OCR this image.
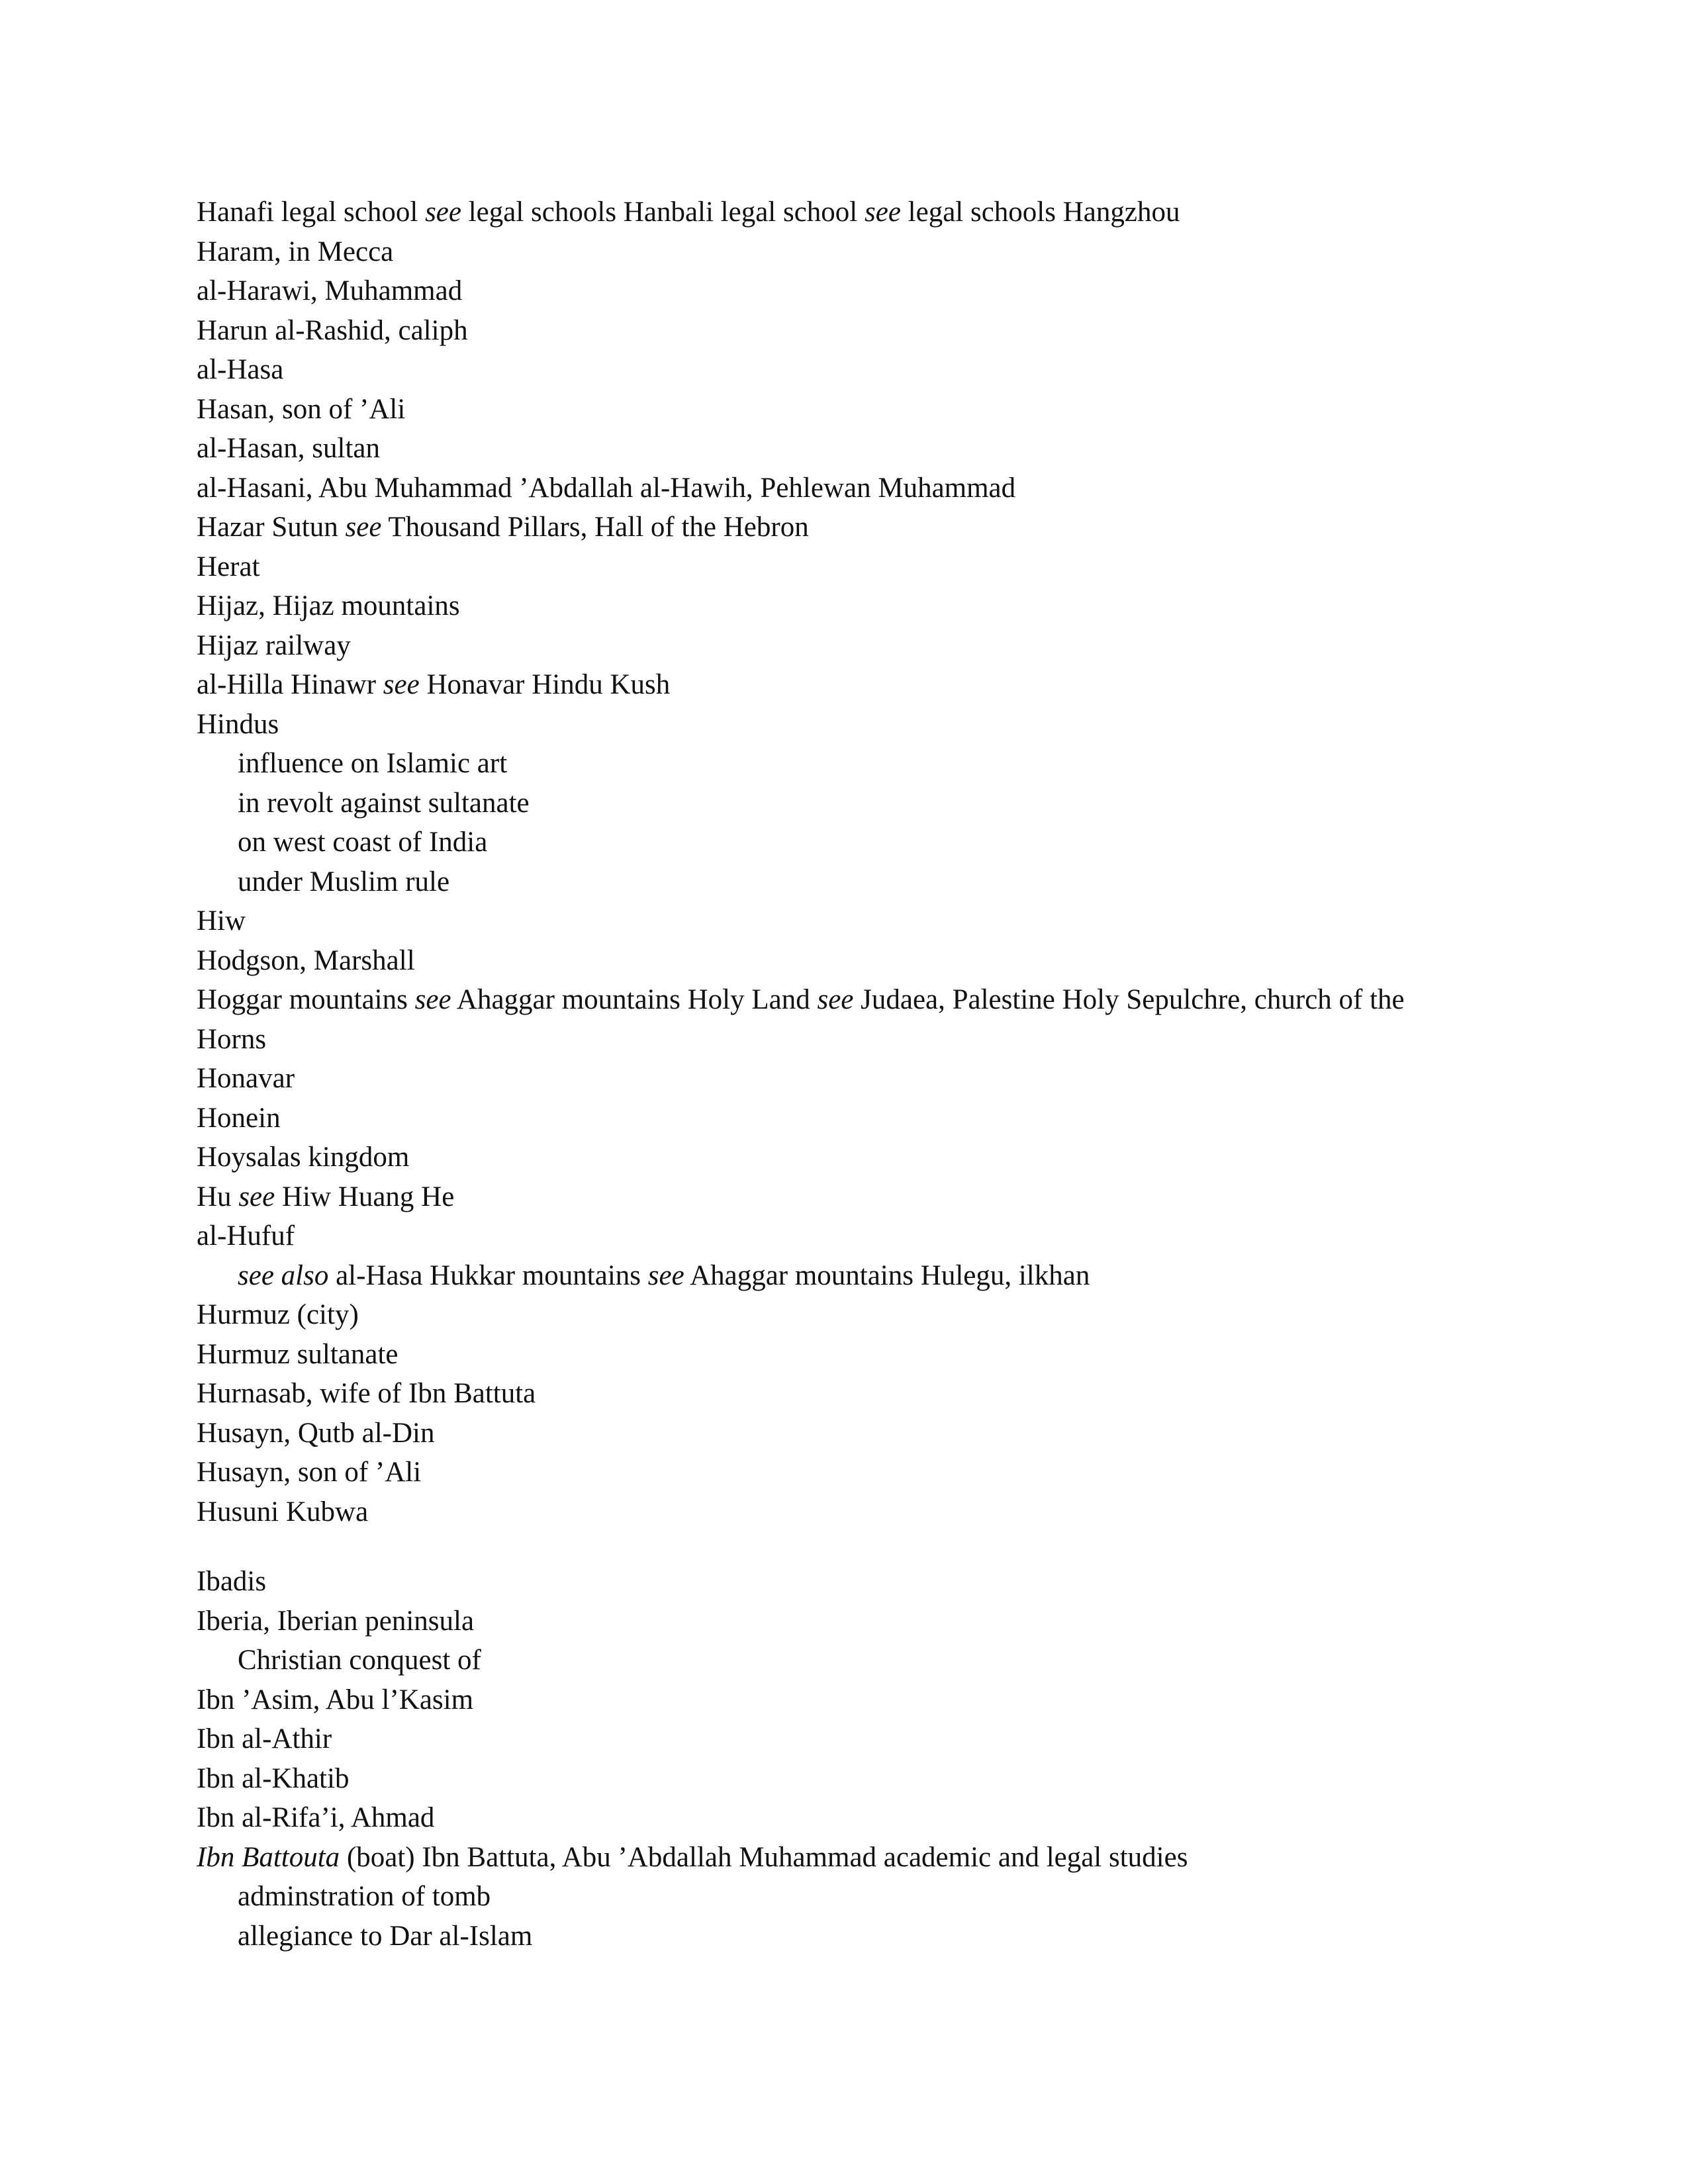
Hanafi legal school see legal schools Hanbali legal school see legal schools Hangzhou
Haram, in Mecca
al-Harawi, Muhammad
Harun al-Rashid, caliph
al-Hasa
Hasan, son of ’Ali
al-Hasan, sultan
al-Hasani, Abu Muhammad ’Abdallah al-Hawih, Pehlewan Muhammad
Hazar Sutun see Thousand Pillars, Hall of the Hebron
Herat
Hijaz, Hijaz mountains
Hijaz railway
al-Hilla Hinawr see Honavar Hindu Kush
Hindus
influence on Islamic art
in revolt against sultanate
on west coast of India
under Muslim rule
Hiw
Hodgson, Marshall
Hoggar mountains see Ahaggar mountains Holy Land see Judaea, Palestine Holy Sepulchre, church of the
Horns
Honavar
Honein
Hoysalas kingdom
Hu see Hiw Huang He
al-Hufuf
see also al-Hasa Hukkar mountains see Ahaggar mountains Hulegu, ilkhan
Hurmuz (city)
Hurmuz sultanate
Hurnasab, wife of Ibn Battuta
Husayn, Qutb al-Din
Husayn, son of ’Ali
Husuni Kubwa
Ibadis
Iberia, Iberian peninsula
Christian conquest of
Ibn ’Asim, Abu l’Kasim
Ibn al-Athir
Ibn al-Khatib
Ibn al-Rifa’i, Ahmad
Ibn Battouta (boat) Ibn Battuta, Abu ’Abdallah Muhammad academic and legal studies
adminstration of tomb
allegiance to Dar al-Islam
